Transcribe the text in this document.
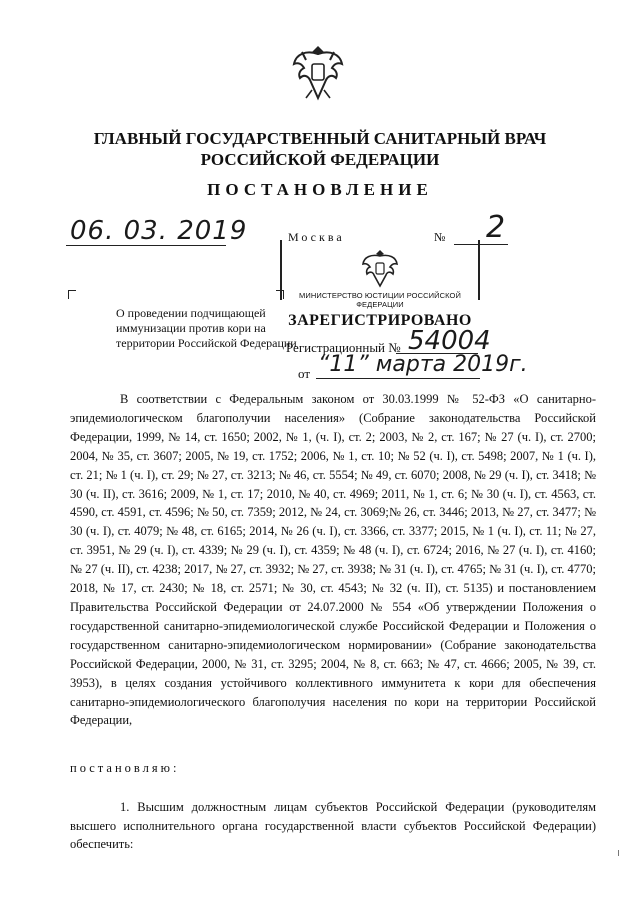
ГЛАВНЫЙ ГОСУДАРСТВЕННЫЙ САНИТАРНЫЙ ВРАЧ
РОССИЙСКОЙ ФЕДЕРАЦИИ
ПОСТАНОВЛЕНИЕ
06. 03. 2019	Москва	№ 2
О проведении подчищающей
иммунизации против кори на
территории Российской Федерации
МИНИСТЕРСТВО ЮСТИЦИИ РОССИЙСКОЙ ФЕДЕРАЦИИ
ЗАРЕГИСТРИРОВАНО
Регистрационный № 54004
от “11” марта 2019г.
В соответствии с Федеральным законом от 30.03.1999 № 52-ФЗ «О санитарно-эпидемиологическом благополучии населения» (Собрание законодательства Российской Федерации, 1999, № 14, ст. 1650; 2002, № 1, (ч. I), ст. 2; 2003, № 2, ст. 167; № 27 (ч. I), ст. 2700; 2004, № 35, ст. 3607; 2005, № 19, ст. 1752; 2006, № 1, ст. 10; № 52 (ч. I), ст. 5498; 2007, № 1 (ч. I), ст. 21; № 1 (ч. I), ст. 29; № 27, ст. 3213; № 46, ст. 5554; № 49, ст. 6070; 2008, № 29 (ч. I), ст. 3418; № 30 (ч. II), ст. 3616; 2009, № 1, ст. 17; 2010, № 40, ст. 4969; 2011, № 1, ст. 6; № 30 (ч. I), ст. 4563, ст. 4590, ст. 4591, ст. 4596; № 50, ст. 7359; 2012, № 24, ст. 3069;№ 26, ст. 3446; 2013, № 27, ст. 3477; № 30 (ч. I), ст. 4079; № 48, ст. 6165; 2014, № 26 (ч. I), ст. 3366, ст. 3377; 2015, № 1 (ч. I), ст. 11; № 27, ст. 3951, № 29 (ч. I), ст. 4339; № 29 (ч. I), ст. 4359; № 48 (ч. I), ст. 6724; 2016, № 27 (ч. I), ст. 4160; № 27 (ч. II), ст. 4238; 2017, № 27, ст. 3932; № 27, ст. 3938; № 31 (ч. I), ст. 4765; № 31 (ч. I), ст. 4770; 2018, № 17, ст. 2430; № 18, ст. 2571; № 30, ст. 4543; № 32 (ч. II), ст. 5135) и постановлением Правительства Российской Федерации от 24.07.2000 № 554 «Об утверждении Положения о государственной санитарно-эпидемиологической службе Российской Федерации и Положения о государственном санитарно-эпидемиологическом нормировании» (Собрание законодательства Российской Федерации, 2000, № 31, ст. 3295; 2004, № 8, ст. 663; № 47, ст. 4666; 2005, № 39, ст. 3953), в целях создания устойчивого коллективного иммунитета к кори для обеспечения санитарно-эпидемиологического благополучия населения по кори на территории Российской Федерации,
постановляю:
1. Высшим должностным лицам субъектов Российской Федерации (руководителям высшего исполнительного органа государственной власти субъектов Российской Федерации) обеспечить:
